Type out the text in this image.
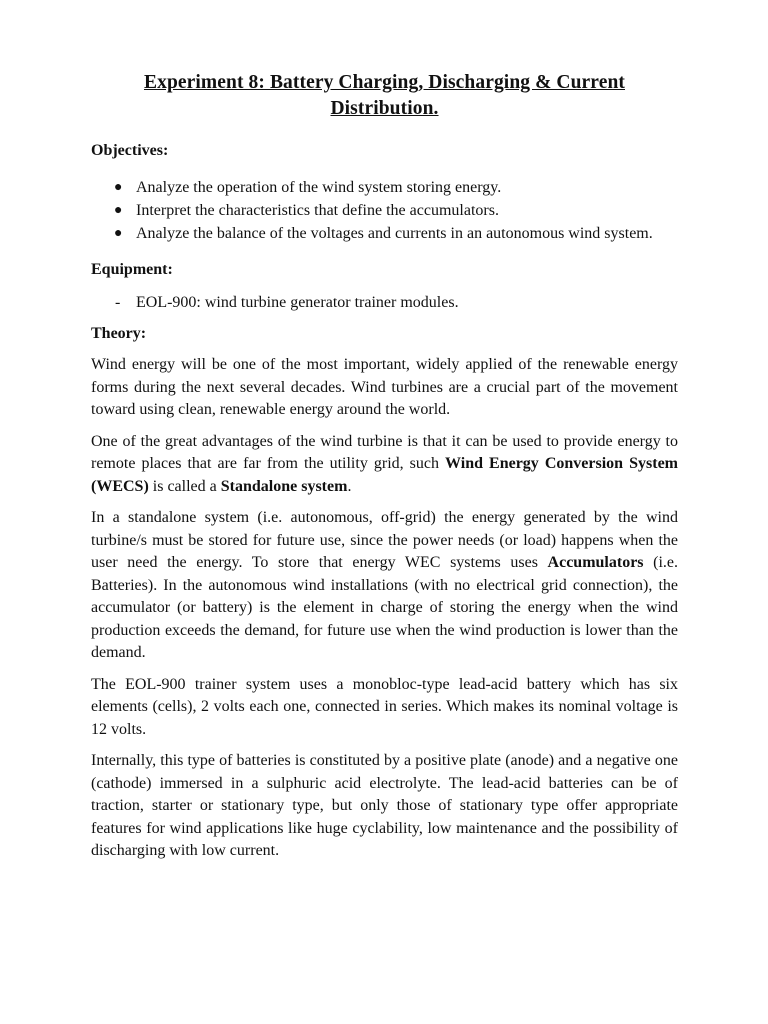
Experiment 8: Battery Charging, Discharging & Current
Distribution.
Objectives:
● Analyze the operation of the wind system storing energy.
● Interpret the characteristics that define the accumulators.
● Analyze the balance of the voltages and currents in an autonomous wind system.
Equipment:
- EOL-900: wind turbine generator trainer modules.
Theory:

Wind energy will be one of the most important, widely applied of the renewable energy forms during the next several decades. Wind turbines are a crucial part of the movement toward using clean, renewable energy around the world.

One of the great advantages of the wind turbine is that it can be used to provide energy to remote places that are far from the utility grid, such Wind Energy Conversion System (WECS) is called a Standalone system.

In a standalone system (i.e. autonomous, off-grid) the energy generated by the wind turbine/s must be stored for future use, since the power needs (or load) happens when the user need the energy. To store that energy WEC systems uses Accumulators (i.e. Batteries). In the autonomous wind installations (with no electrical grid connection), the accumulator (or battery) is the element in charge of storing the energy when the wind production exceeds the demand, for future use when the wind production is lower than the demand.

The EOL-900 trainer system uses a monobloc-type lead-acid battery which has six elements (cells), 2 volts each one, connected in series. Which makes its nominal voltage is 12 volts.

Internally, this type of batteries is constituted by a positive plate (anode) and a negative one (cathode) immersed in a sulphuric acid electrolyte. The lead-acid batteries can be of traction, starter or stationary type, but only those of stationary type offer appropriate features for wind applications like huge cyclability, low maintenance and the possibility of discharging with low current.
